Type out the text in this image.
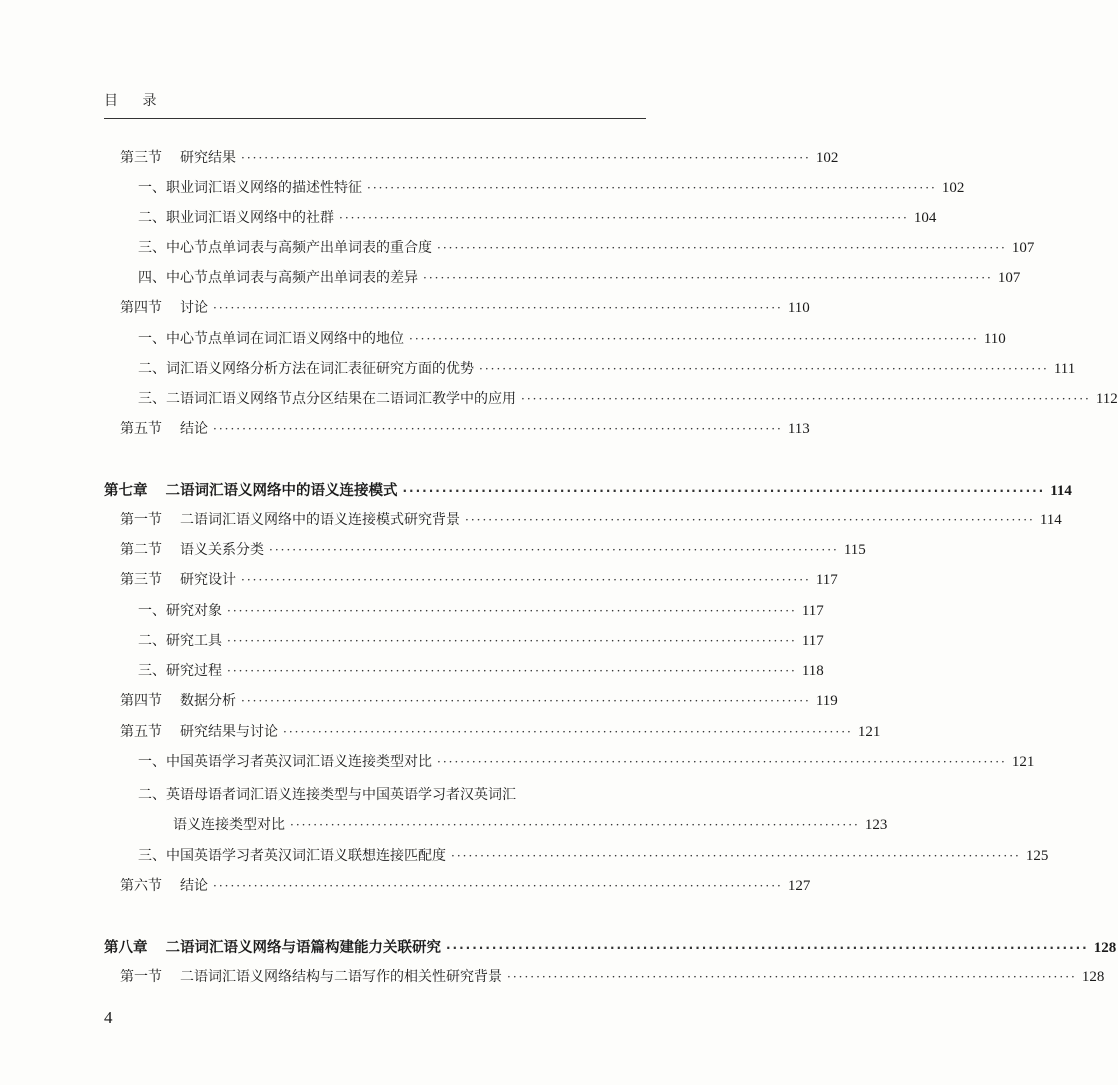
目 录
第三节 研究结果 ·································································································· 102
一、职业词汇语义网络的描述性特征 ·································································································· 102
二、职业词汇语义网络中的社群 ·································································································· 104
三、中心节点单词表与高频产出单词表的重合度 ·································································································· 107
四、中心节点单词表与高频产出单词表的差异 ·································································································· 107
第四节 讨论 ·································································································· 110
一、中心节点单词在词汇语义网络中的地位 ·································································································· 110
二、词汇语义网络分析方法在词汇表征研究方面的优势 ·································································································· 111
三、二语词汇语义网络节点分区结果在二语词汇教学中的应用 ·································································································· 112
第五节 结论 ·································································································· 113
第七章 二语词汇语义网络中的语义连接模式 ·································································································· 114
第一节 二语词汇语义网络中的语义连接模式研究背景 ·································································································· 114
第二节 语义关系分类 ·································································································· 115
第三节 研究设计 ·································································································· 117
一、研究对象 ·································································································· 117
二、研究工具 ·································································································· 117
三、研究过程 ·································································································· 118
第四节 数据分析 ·································································································· 119
第五节 研究结果与讨论 ·································································································· 121
一、中国英语学习者英汉词汇语义连接类型对比 ·································································································· 121
二、英语母语者词汇语义连接类型与中国英语学习者汉英词汇
语义连接类型对比 ·································································································· 123
三、中国英语学习者英汉词汇语义联想连接匹配度 ·································································································· 125
第六节 结论 ·································································································· 127
第八章 二语词汇语义网络与语篇构建能力关联研究 ·································································································· 128
第一节 二语词汇语义网络结构与二语写作的相关性研究背景 ·································································································· 128
4
